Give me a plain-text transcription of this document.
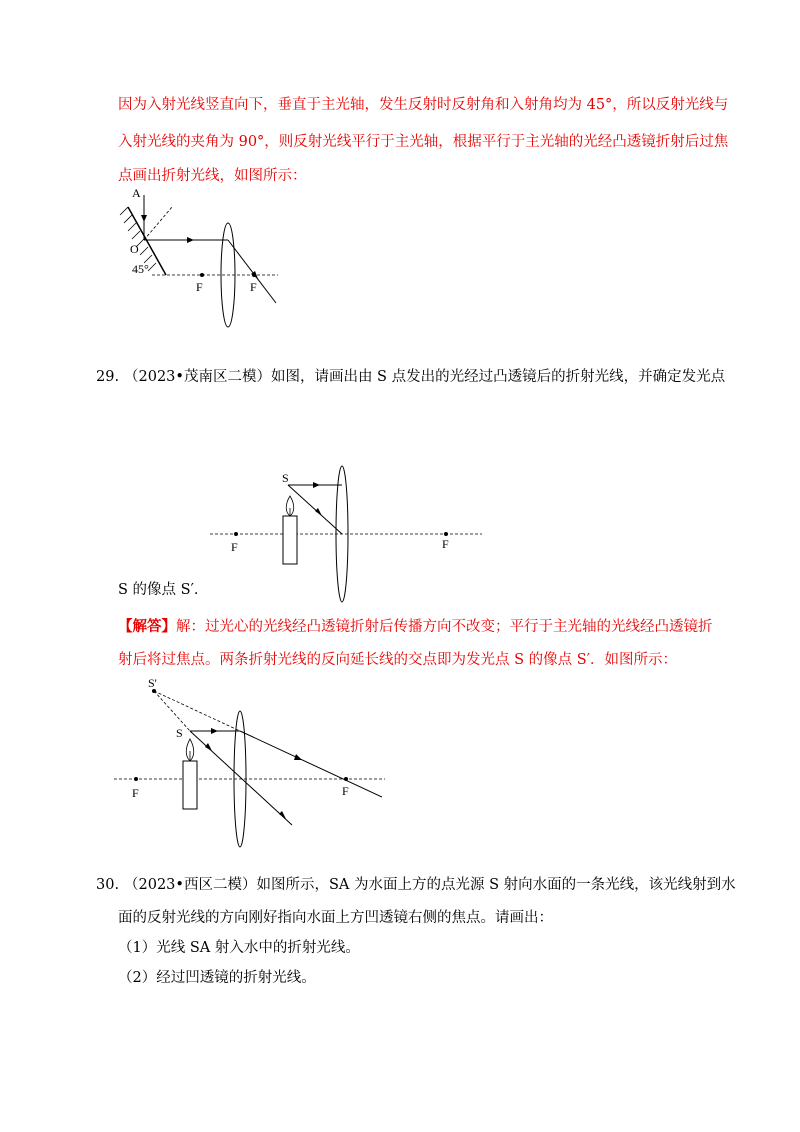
因为入射光线竖直向下，垂直于主光轴，发生反射时反射角和入射角均为 45°，所以反射光线与
入射光线的夹角为 90°，则反射光线平行于主光轴，根据平行于主光轴的光经凸透镜折射后过焦
点画出折射光线，如图所示：
A
O
45°
F	F
29. （2023•茂南区二模）如图，请画出由 S 点发出的光经过凸透镜后的折射光线，并确定发光点
S
F	F
S 的像点 S′．
【解答】解：过光心的光线经凸透镜折射后传播方向不改变；平行于主光轴的光线经凸透镜折
射后将过焦点。两条折射光线的反向延长线的交点即为发光点 S 的像点 S′．如图所示：
S'
S
F	F
30. （2023•西区二模）如图所示，SA 为水面上方的点光源 S 射向水面的一条光线，该光线射到水
面的反射光线的方向刚好指向水面上方凹透镜右侧的焦点。请画出：
（1）光线 SA 射入水中的折射光线。
（2）经过凹透镜的折射光线。
